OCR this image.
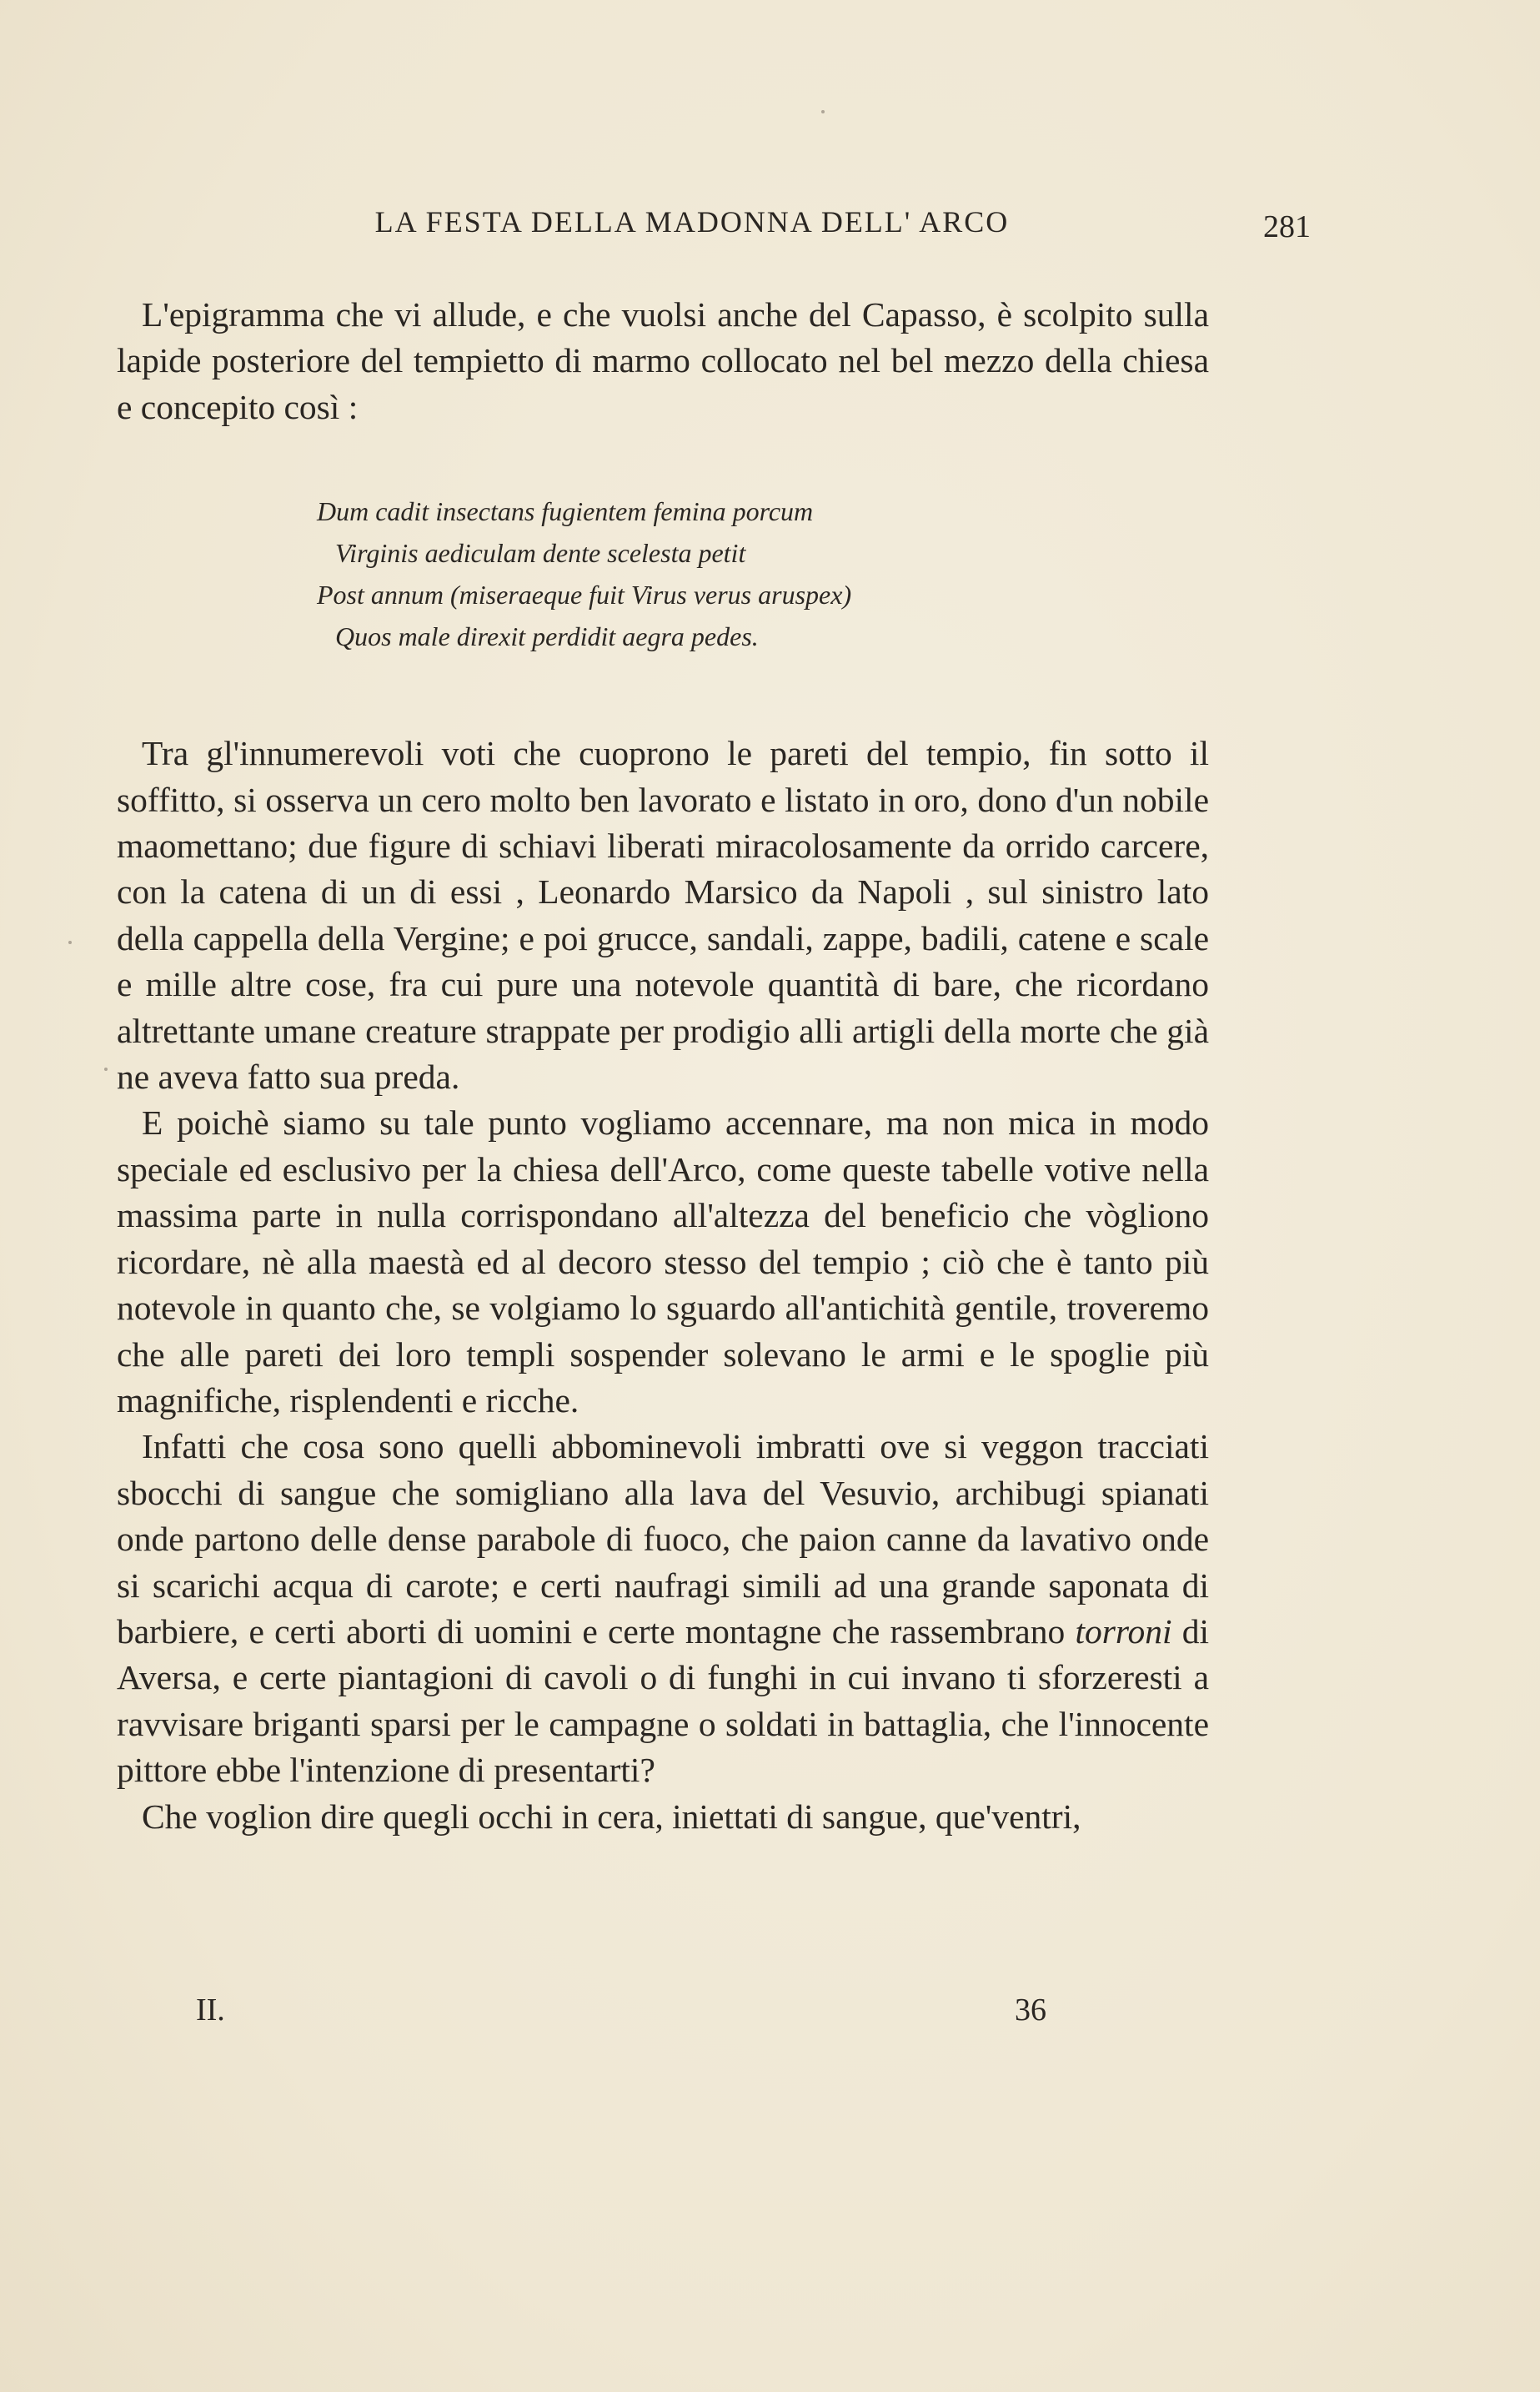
LA FESTA DELLA MADONNA DELL' ARCO	281

L'epigramma che vi allude, e che vuolsi anche del Capasso, è scolpito sulla lapide posteriore del tempietto di marmo collocato nel bel mezzo della chiesa e concepito così :

Dum cadit insectans fugientem femina porcum
Virginis aediculam dente scelesta petit
Post annum (miseraeque fuit Virus verus aruspex)
Quos male direxit perdidit aegra pedes.

Tra gl'innumerevoli voti che cuoprono le pareti del tempio, fin sotto il soffitto, si osserva un cero molto ben lavorato e listato in oro, dono d'un nobile maomettano; due figure di schiavi liberati miracolosamente da orrido carcere, con la catena di un di essi , Leonardo Marsico da Napoli , sul sinistro lato della cappella della Vergine; e poi grucce, sandali, zappe, badili, catene e scale e mille altre cose, fra cui pure una notevole quantità di bare, che ricordano altrettante umane creature strappate per prodigio alli artigli della morte che già ne aveva fatto sua preda.

E poichè siamo su tale punto vogliamo accennare, ma non mica in modo speciale ed esclusivo per la chiesa dell'Arco, come queste tabelle votive nella massima parte in nulla corrispondano all'altezza del beneficio che vògliono ricordare, nè alla maestà ed al decoro stesso del tempio ; ciò che è tanto più notevole in quanto che, se volgiamo lo sguardo all'antichità gentile, troveremo che alle pareti dei loro templi sospender solevano le armi e le spoglie più magnifiche, risplendenti e ricche.

Infatti che cosa sono quelli abbominevoli imbratti ove si veggon tracciati sbocchi di sangue che somigliano alla lava del Vesuvio, archibugi spianati onde partono delle dense parabole di fuoco, che paion canne da lavativo onde si scarichi acqua di carote; e certi naufragi simili ad una grande saponata di barbiere, e certi aborti di uomini e certe montagne che rassembrano torroni di Aversa, e certe piantagioni di cavoli o di funghi in cui invano ti sforzeresti a ravvisare briganti sparsi per le campagne o soldati in battaglia, che l'innocente pittore ebbe l'intenzione di presentarti?

Che voglion dire quegli occhi in cera, iniettati di sangue, que'ventri,

II.	36
